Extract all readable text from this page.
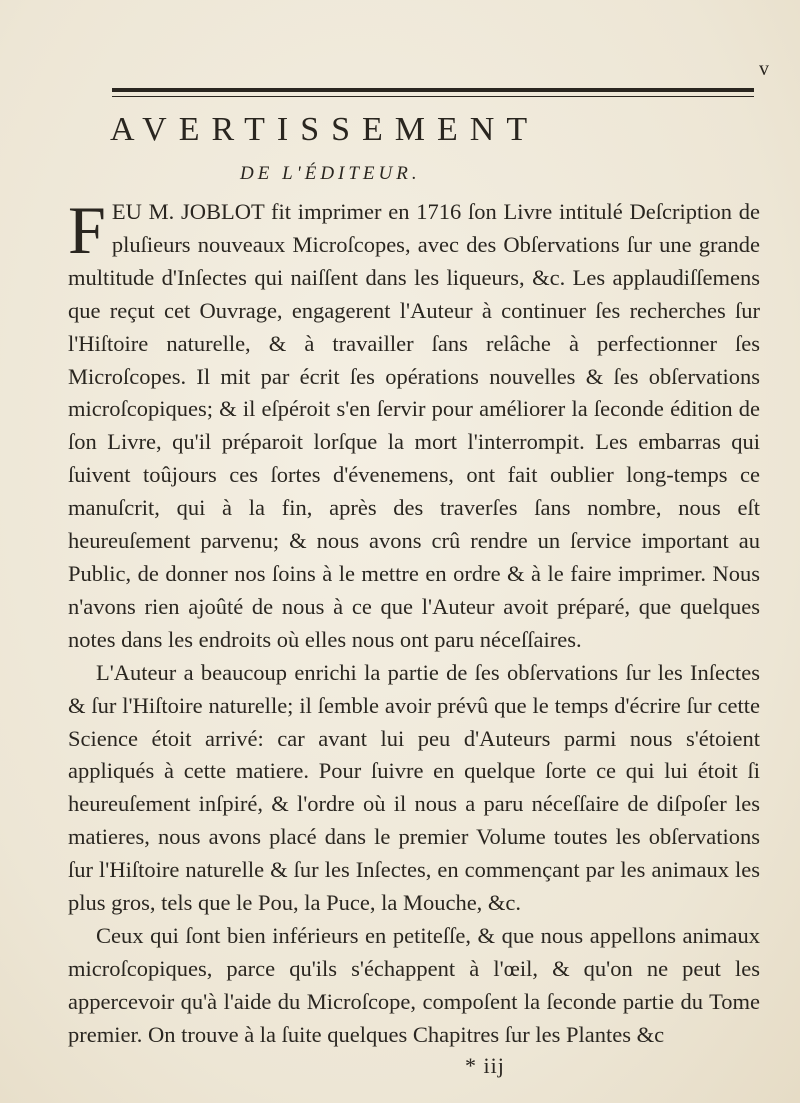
v
AVERTISSEMENT
DE L'ÉDITEUR.

FEU M. JOBLOT fit imprimer en 1716 ſon Livre intitulé Deſcription de pluſieurs nouveaux Microſcopes, avec des Obſervations ſur une grande multitude d'Inſectes qui naiſſent dans les liqueurs, &c. Les applaudiſſemens que reçut cet Ouvrage, engagerent l'Auteur à continuer ſes recherches ſur l'Hiſtoire naturelle, & à travailler ſans relâche à perfectionner ſes Microſcopes. Il mit par écrit ſes opérations nouvelles & ſes obſervations microſcopiques; & il eſpéroit s'en ſervir pour améliorer la ſeconde édition de ſon Livre, qu'il préparoit lorſque la mort l'interrompit. Les embarras qui ſuivent toûjours ces ſortes d'évenemens, ont fait oublier long-temps ce manuſcrit, qui à la fin, après des traverſes ſans nombre, nous eſt heureuſement parvenu; & nous avons crû rendre un ſervice important au Public, de donner nos ſoins à le mettre en ordre & à le faire imprimer. Nous n'avons rien ajoûté de nous à ce que l'Auteur avoit préparé, que quelques notes dans les endroits où elles nous ont paru néceſſaires.

L'Auteur a beaucoup enrichi la partie de ſes obſervations ſur les Inſectes & ſur l'Hiſtoire naturelle; il ſemble avoir prévû que le temps d'écrire ſur cette Science étoit arrivé: car avant lui peu d'Auteurs parmi nous s'étoient appliqués à cette matiere. Pour ſuivre en quelque ſorte ce qui lui étoit ſi heureuſement inſpiré, & l'ordre où il nous a paru néceſſaire de diſpoſer les matieres, nous avons placé dans le premier Volume toutes les obſervations ſur l'Hiſtoire naturelle & ſur les Inſectes, en commençant par les animaux les plus gros, tels que le Pou, la Puce, la Mouche, &c.

Ceux qui ſont bien inférieurs en petiteſſe, & que nous appellons animaux microſcopiques, parce qu'ils s'échappent à l'œil, & qu'on ne peut les appercevoir qu'à l'aide du Microſcope, compoſent la ſeconde partie du Tome premier. On trouve à la ſuite quelques Chapitres ſur les Plantes &c

* iij
